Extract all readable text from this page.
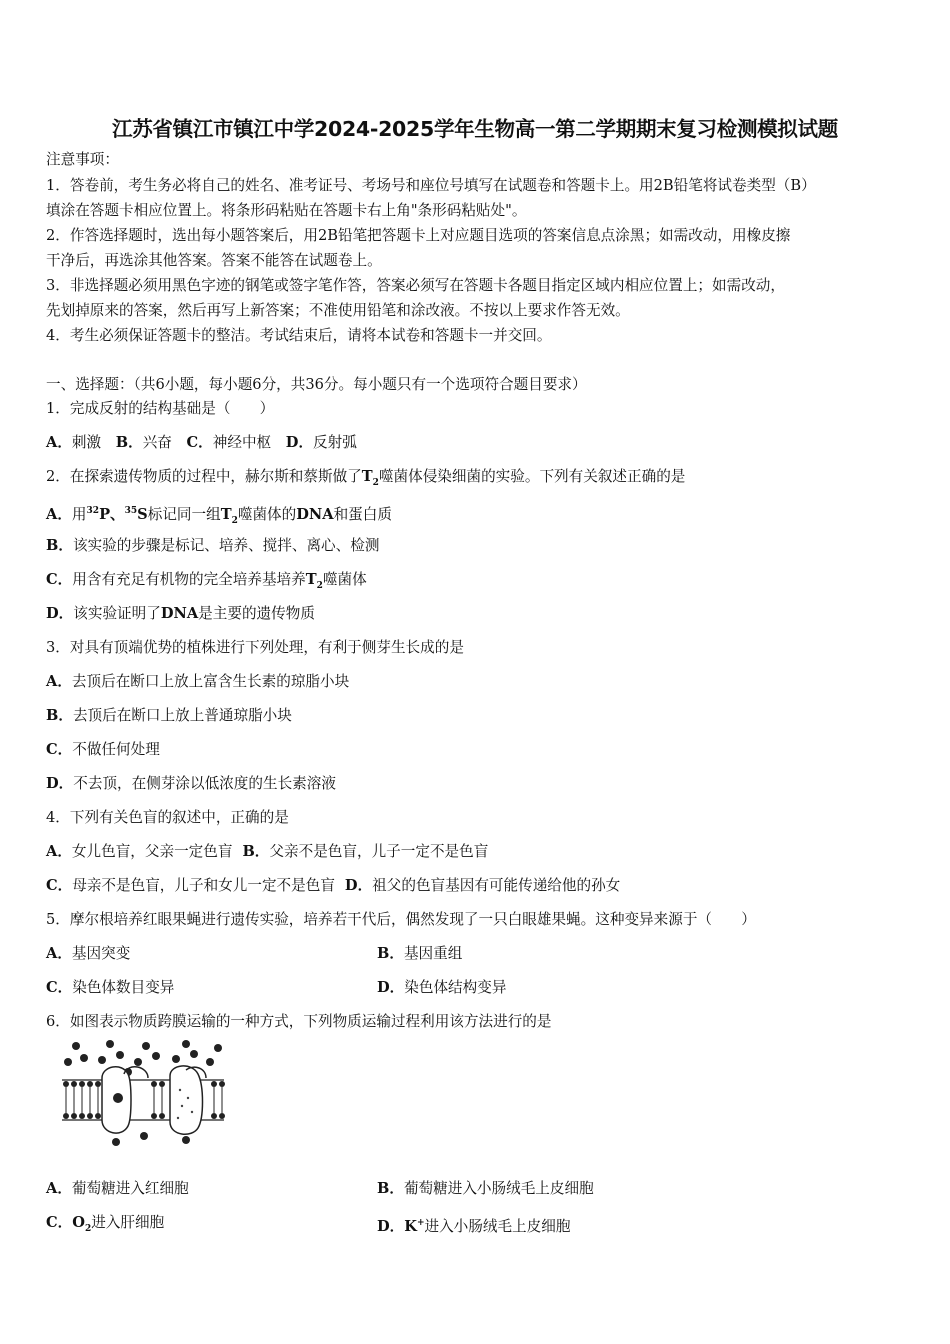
江苏省镇江市镇江中学2024-2025学年生物高一第二学期期末复习检测模拟试题
注意事项：
1．答卷前，考生务必将自己的姓名、准考证号、考场号和座位号填写在试题卷和答题卡上。用2B铅笔将试卷类型（B）
填涂在答题卡相应位置上。将条形码粘贴在答题卡右上角"条形码粘贴处"。
2．作答选择题时，选出每小题答案后，用2B铅笔把答题卡上对应题目选项的答案信息点涂黑；如需改动，用橡皮擦
干净后，再选涂其他答案。答案不能答在试题卷上。
3．非选择题必须用黑色字迹的钢笔或签字笔作答，答案必须写在答题卡各题目指定区域内相应位置上；如需改动，
先划掉原来的答案，然后再写上新答案；不准使用铅笔和涂改液。不按以上要求作答无效。
4．考生必须保证答题卡的整洁。考试结束后，请将本试卷和答题卡一并交回。
一、选择题：（共6小题，每小题6分，共36分。每小题只有一个选项符合题目要求）
1．完成反射的结构基础是（　　）
A．刺激 B．兴奋 C．神经中枢 D．反射弧
2．在探索遗传物质的过程中，赫尔斯和蔡斯做了$T_2$噬菌体侵染细菌的实验。下列有关叙述正确的是
A．用$^{32}$P、$^{35}$S标记同一组$T_2$噬菌体的DNA和蛋白质
B．该实验的步骤是标记、培养、搅拌、离心、检测
C．用含有充足有机物的完全培养基培养$T_2$噬菌体
D．该实验证明了DNA是主要的遗传物质
3．对具有顶端优势的植株进行下列处理，有利于侧芽生长成的是
A．去顶后在断口上放上富含生长素的琼脂小块
B．去顶后在断口上放上普通琼脂小块
C．不做任何处理
D．不去顶，在侧芽涂以低浓度的生长素溶液
4．下列有关色盲的叙述中，正确的是
A．女儿色盲，父亲一定色盲 B．父亲不是色盲，儿子一定不是色盲
C．母亲不是色盲，儿子和女儿一定不是色盲 D．祖父的色盲基因有可能传递给他的孙女
5．摩尔根培养红眼果蝇进行遗传实验，培养若干代后，偶然发现了一只白眼雄果蝇。这种变异来源于（　　）
A．基因突变	B．基因重组
C．染色体数目变异	D．染色体结构变异
6．如图表示物质跨膜运输的一种方式，下列物质运输过程利用该方法进行的是
A．葡萄糖进入红细胞	B．葡萄糖进入小肠绒毛上皮细胞
C．$O_2$进入肝细胞	D．K+进入小肠绒毛上皮细胞
